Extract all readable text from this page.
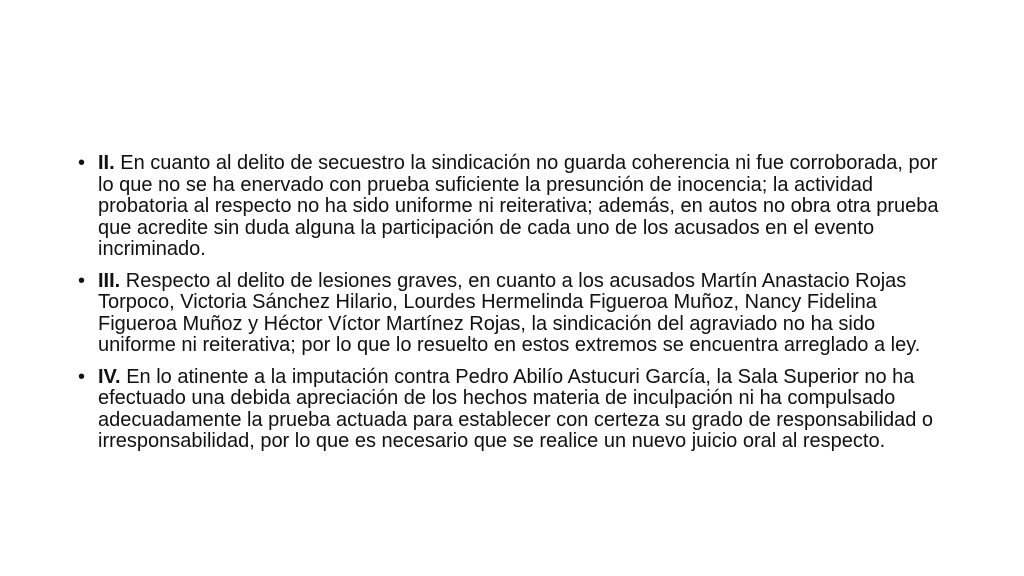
• II. En cuanto al delito de secuestro la sindicación no guarda coherencia ni fue corroborada, por lo que no se ha enervado con prueba suficiente la presunción de inocencia; la actividad probatoria al respecto no ha sido uniforme ni reiterativa; además, en autos no obra otra prueba que acredite sin duda alguna la participación de cada uno de los acusados en el evento incriminado.
• III. Respecto al delito de lesiones graves, en cuanto a los acusados Martín Anastacio Rojas Torpoco, Victoria Sánchez Hilario, Lourdes Hermelinda Figueroa Muñoz, Nancy Fidelina Figueroa Muñoz y Héctor Víctor Martínez Rojas, la sindicación del agraviado no ha sido uniforme ni reiterativa; por lo que lo resuelto en estos extremos se encuentra arreglado a ley.
• IV. En lo atinente a la imputación contra Pedro Abilío Astucuri García, la Sala Superior no ha efectuado una debida apreciación de los hechos materia de inculpación ni ha compulsado adecuadamente la prueba actuada para establecer con certeza su grado de responsabilidad o irresponsabilidad, por lo que es necesario que se realice un nuevo juicio oral al respecto.
